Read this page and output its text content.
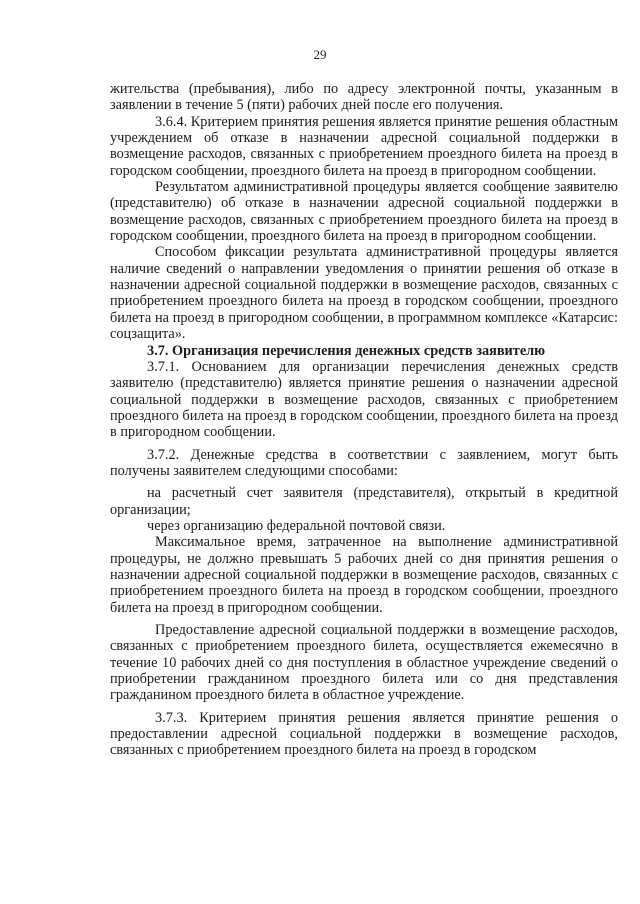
29

жительства (пребывания), либо по адресу электронной почты, указанным в заявлении в течение 5 (пяти) рабочих дней после его получения.

3.6.4. Критерием принятия решения является принятие решения областным учреждением об отказе в назначении адресной социальной поддержки в возмещение расходов, связанных с приобретением проездного билета на проезд в городском сообщении, проездного билета на проезд в пригородном сообщении.

Результатом административной процедуры является сообщение заявителю (представителю) об отказе в назначении адресной социальной поддержки в возмещение расходов, связанных с приобретением проездного билета на проезд в городском сообщении, проездного билета на проезд в пригородном сообщении.

Способом фиксации результата административной процедуры является наличие сведений о направлении уведомления о принятии решения об отказе в назначении адресной социальной поддержки в возмещение расходов, связанных с приобретением проездного билета на проезд в городском сообщении, проездного билета на проезд в пригородном сообщении, в программном комплексе «Катарсис: соцзащита».

3.7. Организация перечисления денежных средств заявителю

3.7.1. Основанием для организации перечисления денежных средств заявителю (представителю) является принятие решения о назначении адресной социальной поддержки в возмещение расходов, связанных с приобретением проездного билета на проезд в городском сообщении, проездного билета на проезд в пригородном сообщении.

3.7.2. Денежные средства в соответствии с заявлением, могут быть получены заявителем следующими способами:

на расчетный счет заявителя (представителя), открытый в кредитной организации;

через организацию федеральной почтовой связи.

Максимальное время, затраченное на выполнение административной процедуры, не должно превышать 5 рабочих дней со дня принятия решения о назначении адресной социальной поддержки в возмещение расходов, связанных с приобретением проездного билета на проезд в городском сообщении, проездного билета на проезд в пригородном сообщении.

Предоставление адресной социальной поддержки в возмещение расходов, связанных с приобретением проездного билета, осуществляется ежемесячно в течение 10 рабочих дней со дня поступления в областное учреждение сведений о приобретении гражданином проездного билета или со дня представления гражданином проездного билета в областное учреждение.

3.7.3. Критерием принятия решения является принятие решения о предоставлении адресной социальной поддержки в возмещение расходов, связанных с приобретением проездного билета на проезд в городском
